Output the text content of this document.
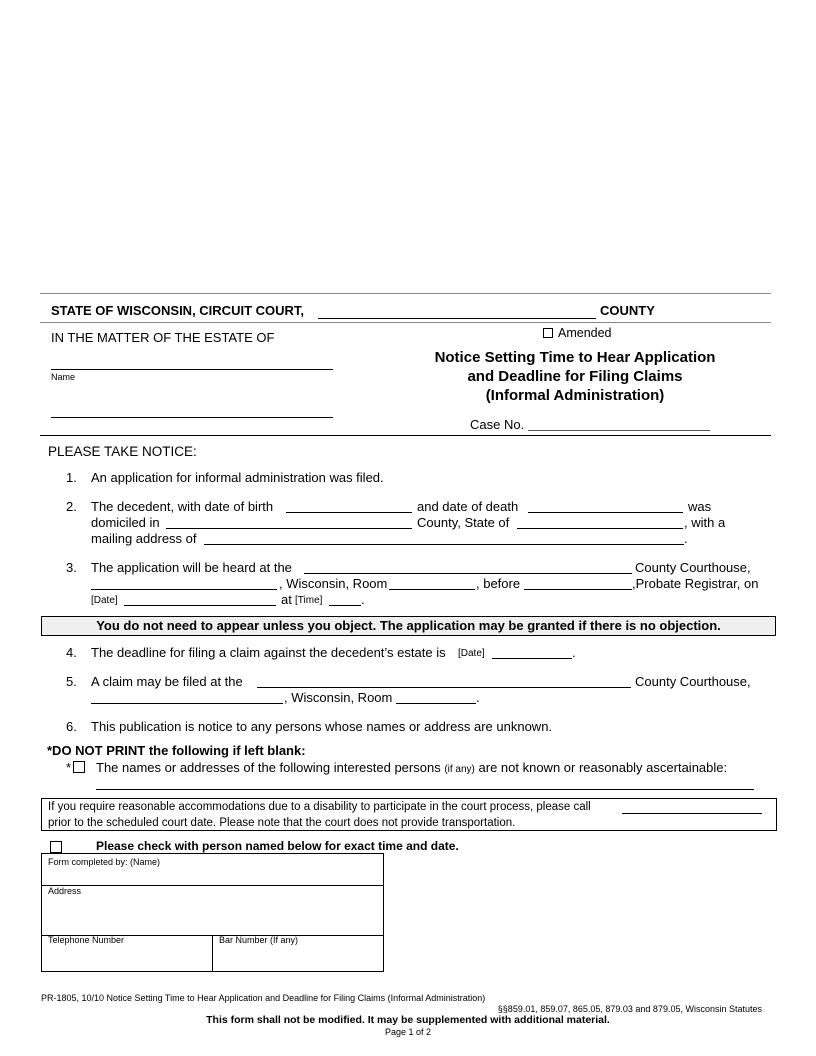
STATE OF WISCONSIN, CIRCUIT COURT,	COUNTY
IN THE MATTER OF THE ESTATE OF
Name
Amended
Notice Setting Time to Hear Application
and Deadline for Filing Claims
(Informal Administration)
Case No.
PLEASE TAKE NOTICE:
1. An application for informal administration was filed.
2. The decedent, with date of birth	and date of death	was
domiciled in	County, State of	, with a
mailing address of	.
3. The application will be heard at the	County Courthouse,
, Wisconsin, Room	, before	,Probate Registrar, on
[Date]	at [Time]	.
You do not need to appear unless you object. The application may be granted if there is no objection.
4. The deadline for filing a claim against the decedent’s estate is [Date]	.
5. A claim may be filed at the	County Courthouse,
, Wisconsin, Room	.
6. This publication is notice to any persons whose names or address are unknown.
*DO NOT PRINT the following if left blank:
* The names or addresses of the following interested persons (if any) are not known or reasonably ascertainable:
If you require reasonable accommodations due to a disability to participate in the court process, please call
prior to the scheduled court date. Please note that the court does not provide transportation.
Please check with person named below for exact time and date.
Form completed by: (Name)
Address
Telephone Number	Bar Number (If any)
PR-1805, 10/10 Notice Setting Time to Hear Application and Deadline for Filing Claims (Informal Administration)
§§859.01, 859.07, 865.05, 879.03 and 879.05, Wisconsin Statutes
This form shall not be modified. It may be supplemented with additional material.
Page 1 of 2
